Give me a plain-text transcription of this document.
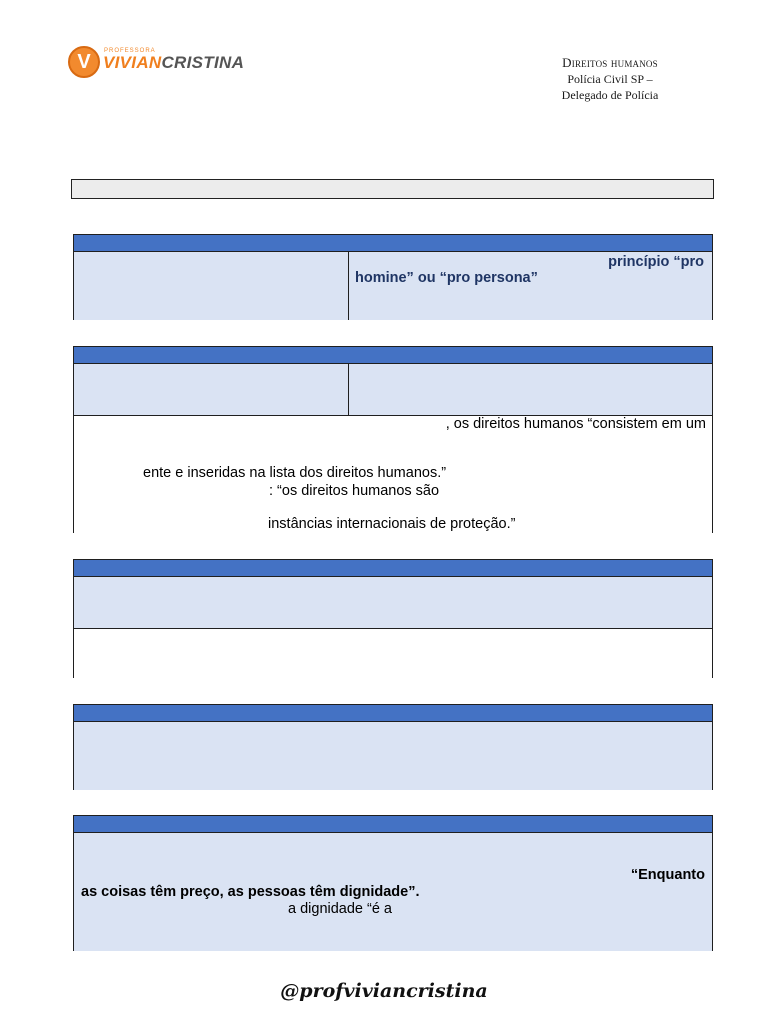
V	PROFESSORA
VIVIANCRISTINA	Direitos humanos
Polícia Civil SP –
Delegado de Polícia
princípio “pro
homine” ou “pro persona”
, os direitos humanos “consistem em um
ente e inseridas na lista dos direitos humanos.”
: “os direitos humanos são
instâncias internacionais de proteção.”
“Enquanto
as coisas têm preço, as pessoas têm dignidade”.
a dignidade “é a
@profviviancristina
